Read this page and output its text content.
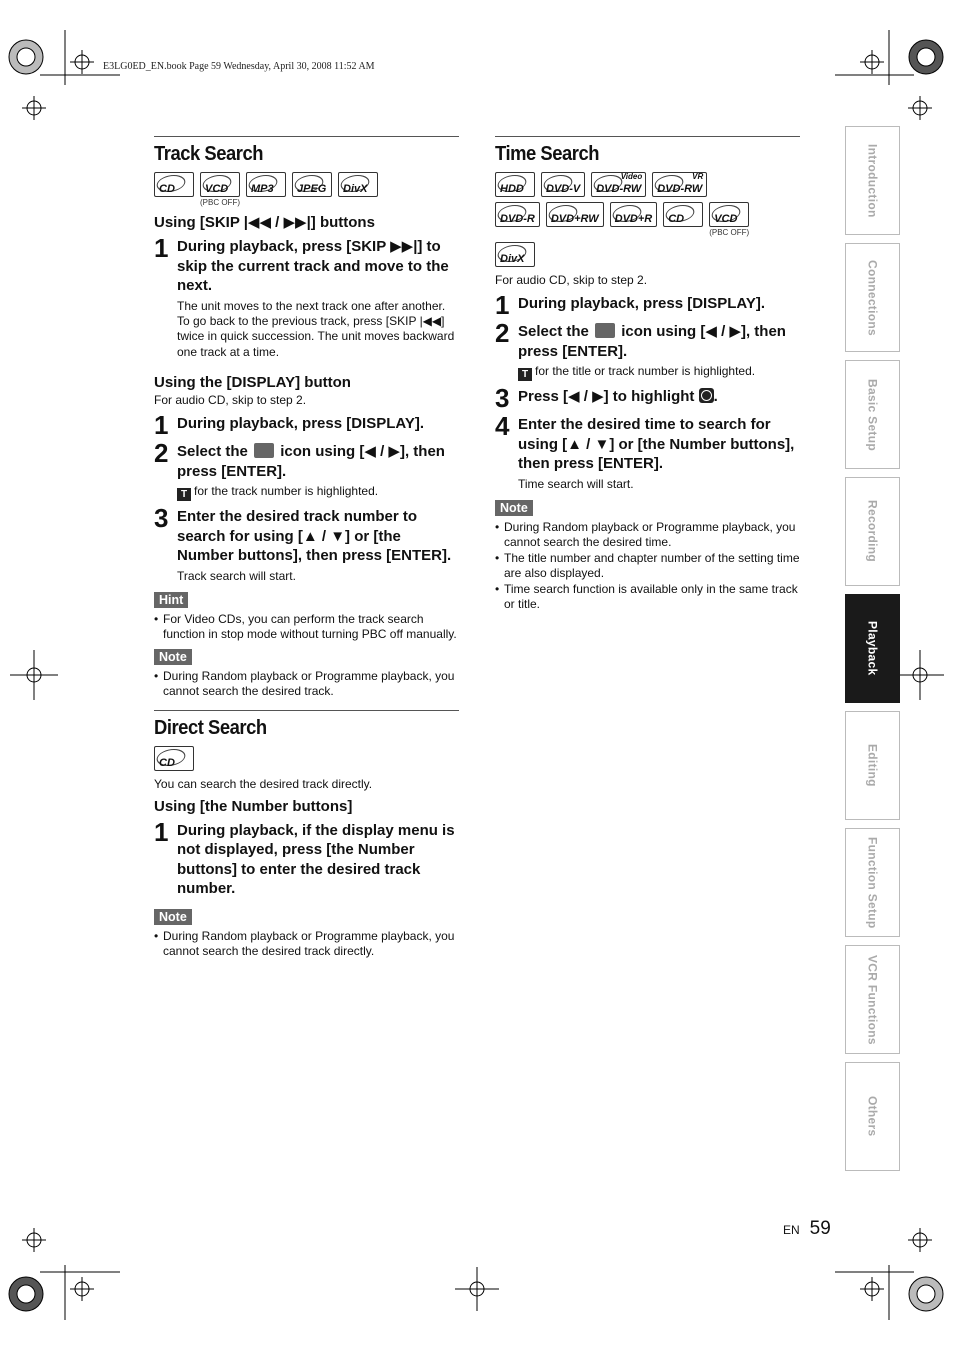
E3LG0ED_EN.book Page 59 Wednesday, April 30, 2008 11:52 AM
Track Search
CD	VCD
(PBC OFF)
MP3 JPEG DivX
Using [SKIP |◀◀ / ▶▶|] buttons
1 During playback, press [SKIP ▶▶|] to skip the current track and move to the next.
The unit moves to the next track one after another.
To go back to the previous track, press [SKIP |◀◀] twice in quick succession. The unit moves backward one track at a time.
Using the [DISPLAY] button
For audio CD, skip to step 2.
1 During playback, press [DISPLAY].
2 Select the icon using [◀ / ▶], then press [ENTER].
T for the track number is highlighted.
3 Enter the desired track number to search for using [▲ / ▼] or [the Number buttons], then press [ENTER].
Track search will start.
Hint
• For Video CDs, you can perform the track search function in stop mode without turning PBC off manually.
Note
• During Random playback or Programme playback, you cannot search the desired track.
Direct Search
CD
You can search the desired track directly.
Using [the Number buttons]
1 During playback, if the display menu is not displayed, press [the Number buttons] to enter the desired track number.
Note
• During Random playback or Programme playback, you cannot search the desired track directly.
Time Search
HDD DVD-V
Video
DVD-RW
VR
DVD-RW
DVD-R DVD+RW DVD+R CD	VCD
(PBC OFF)
DivX
For audio CD, skip to step 2.
1 During playback, press [DISPLAY].
2 Select the icon using [◀ / ▶], then press [ENTER].
T for the title or track number is highlighted.
3 Press [◀ / ▶] to highlight .
4 Enter the desired time to search for using [▲ / ▼] or [the Number buttons], then press [ENTER].
Time search will start.
Note
• During Random playback or Programme playback, you cannot search the desired time.
• The title number and chapter number of the setting time are also displayed.
• Time search function is available only in the same track or title.
Introduction
Connections
Basic Setup
Recording
Playback
Editing
Function Setup
VCR Functions
Others
EN 59
